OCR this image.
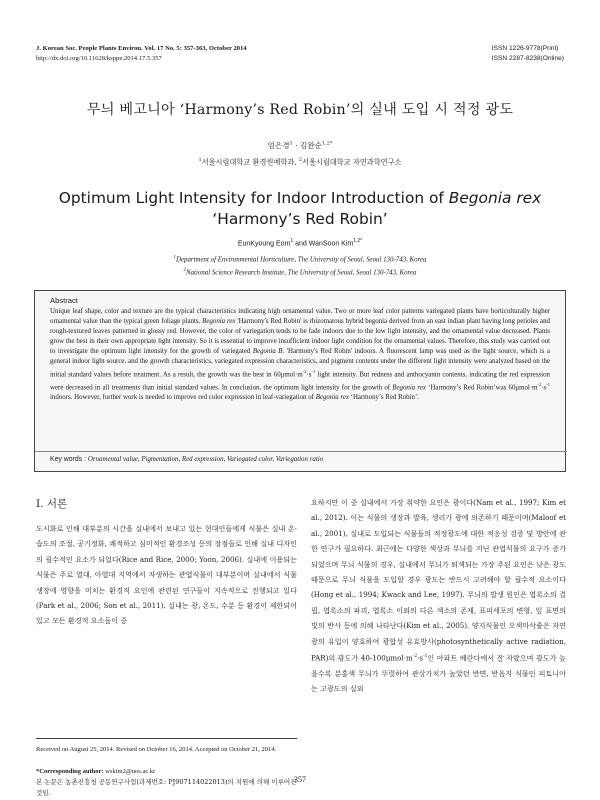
J. Korean Soc. People Plants Environ. Vol. 17 No. 5: 357-363, October 2014
http://dx.doi.org/10.11628/ksppe.2014.17.5.357
ISSN 1226-9778(Print)
ISSN 2287-8238(Online)
무늬 베고니아 ‘Harmony’s Red Robin’의 실내 도입 시 적정 광도
엄은경$^1$ · 김완순$^{1,2*}$
$^1$서울시립대학교 환경원예학과, $^2$서울시립대학교 자연과학연구소
Optimum Light Intensity for Indoor Introduction of Begonia rex
‘Harmony’s Red Robin’
EunKyoung Eom$^1$ and WanSoon Kim$^{1,2*}$
$^1$Department of Environmental Horticulture, The University of Seoul, Seoul 130-743, Korea
$^2$National Science Research Institute, The University of Seoul, Seoul 130-743, Korea
Abstract
Unique leaf shape, color and texture are the typical characteristics indicating high ornamental value. Two or more leaf color patterns variegated plants have horticulturally higher ornamental value than the typical green foliage plants. Begonia rex 'Harmony's Red Robin' is rhizomatous hybrid begonia derived from an east indian plant having long petioles and rough-textured leaves patterned in glossy red. However, the color of variegation tends to be fade indoors due to the low light intensity, and the ornamental value decreased. Plants grow the best in their own appropriate light intensity. So it is essential to improve insufficient indoor light condition for the ornamental values. Therefore, this study was carried out to investigate the optimum light intensity for the growth of variegated Begonia B. 'Harmony's Red Robin' indoors. A fluorescent lamp was used as the light source, which is a general indoor light source. and the growth characteristics, variegated expression characteristics, and pigment contents under the different light intensity were analyzed based on the initial standard values before treatment. As a result, the growth was the best in $60\mu mol\cdot m^{-2}\cdot s^{-1}$ light intensity. But redness and anthocyanin contents, indicating the red expression were decreased in all treatments than initial standard values. In conclusion, the optimum light intensity for the growth of Begonia rex ‘Harmony’s Red Robin’was $60\mu mol\cdot m^{-2}\cdot s^{-1}$ indoors. However, further work is needed to improve red color expression in leaf-variegation of Begonia rex ‘Harmony’s Red Robin’.
Key words : Ornamental value, Pigmentation, Red expression, Variegated color, Variegation ratio
Ⅰ. 서론
도시화로 인해 대부분의 시간을 실내에서 보내고 있는 현대인들에게 식물은 실내 온·습도의 조절, 공기정화, 쾌적하고 심미적인 환경조성 등의 장점들로 인해 실내 디자인의 필수적인 요소가 되었다(Rice and Rice, 2000; Yoon, 2006). 실내에 이용되는 식물은 주로 열대, 아열대 지역에서 자생하는 관엽식물이 대부분이며 실내에서 식물 생장에 영향을 미치는 환경적 요인에 관련된 연구들이 지속적으로 진행되고 있다(Park et al., 2006; Son et al., 2011). 실내는 광, 온도, 수분 등 환경이 제한되어 있고 모든 환경적 요소들이 중
요하지만 이 중 실내에서 가장 취약한 요인은 광이다(Nam et al., 1997; Kim et al., 2012). 이는 식물의 생장과 발육, 생리가 광에 의존하기 때문이며(Maloof et al., 2001), 실내로 도입되는 식물들의 적정광도에 대한 적응성 검증 및 방안에 관한 연구가 필요하다. 최근에는 다양한 색상과 무늬를 지닌 관엽식물의 요구가 증가되었으며 무늬 식물의 경우, 실내에서 무늬가 퇴색되는 가장 주된 요인은 낮은 광도 때문으로 무늬 식물을 도입할 경우 광도는 반드시 고려해야 할 필수적 요소이다(Hong et al., 1994; Kwack and Lee, 1997). 무늬의 발생 원인은 엽록소의 결핍, 엽록소의 파괴, 엽록소 이외의 다른 색소의 존재, 표피세포의 변형, 잎 표면의 빛의 반사 등에 의해 나타난다(Kim et al., 2005). 양지식물인 오색마삭줄은 자연광의 유입이 양호하여 광합성 유효방사(photosynthetically active radiation, PAR)의 광도가 $40-100\mu mol\cdot m^{-2}\cdot s^{-1}$인 아파트 베란다에서 잘 자랐으며 광도가 높을수록 분홍색 무늬가 뚜렷하여 관상가치가 높았던 반면, 반음지 식물인 피토니아는 고광도의 실외
Received on August 25, 2014. Revised on October 16, 2014. Accepted on October 21, 2014.
*Corresponding author: wskim2@uos.ac.kr
본 논문은 농촌진흥청 공동연구사업(과제번호: PJ907114022013)의 지원에 의해 이루어진 것임.
357
